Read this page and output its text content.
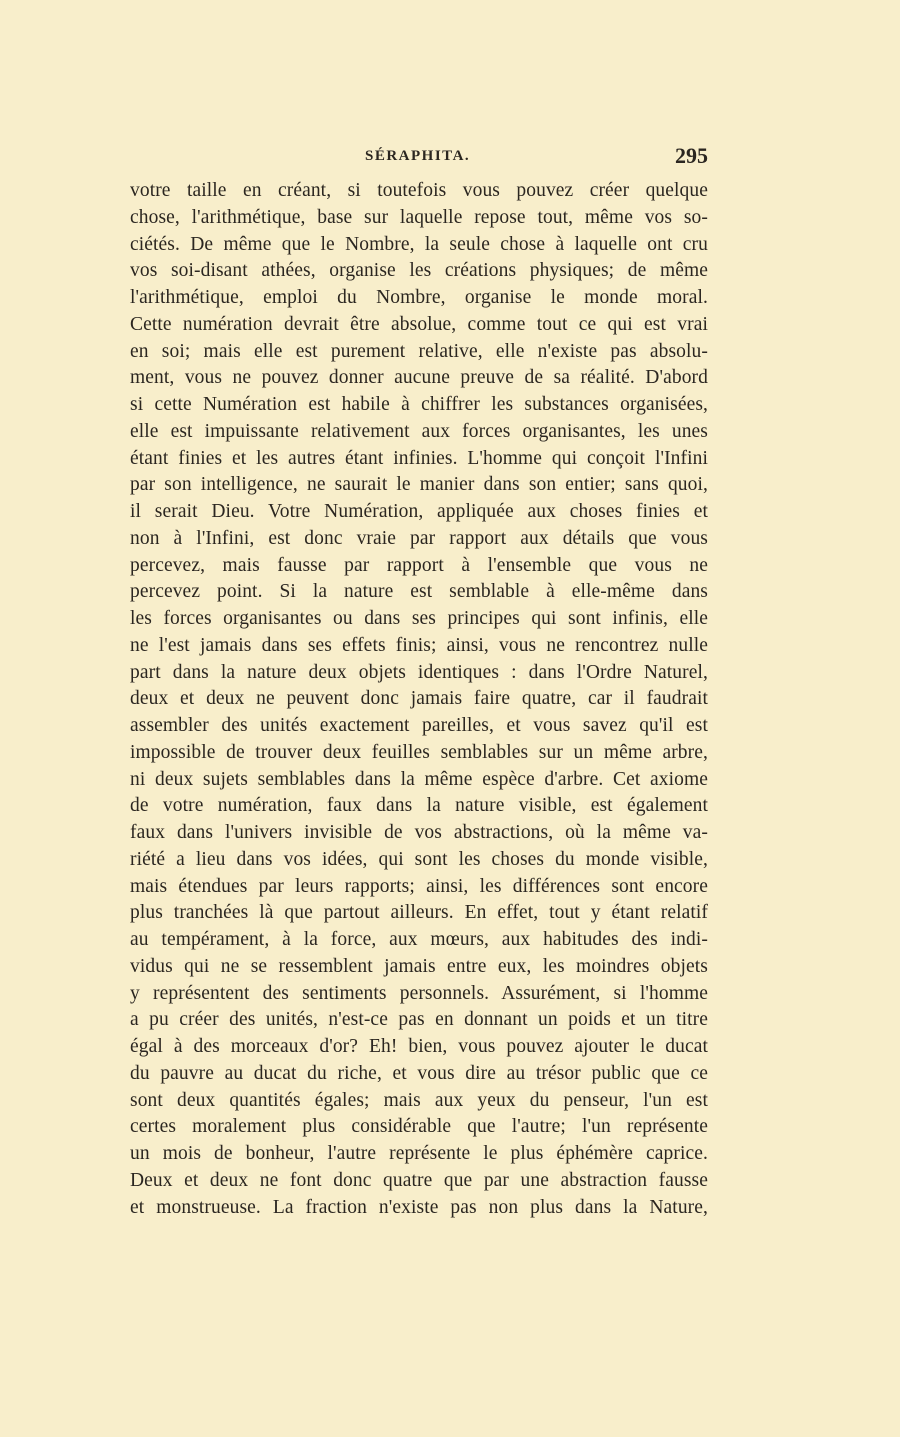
SÉRAPHITA.	295
votre taille en créant, si toutefois vous pouvez créer quelque
chose, l'arithmétique, base sur laquelle repose tout, même vos so-
ciétés. De même que le Nombre, la seule chose à laquelle ont cru
vos soi-disant athées, organise les créations physiques; de même
l'arithmétique, emploi du Nombre, organise le monde moral.
Cette numération devrait être absolue, comme tout ce qui est vrai
en soi; mais elle est purement relative, elle n'existe pas absolu-
ment, vous ne pouvez donner aucune preuve de sa réalité. D'abord
si cette Numération est habile à chiffrer les substances organisées,
elle est impuissante relativement aux forces organisantes, les unes
étant finies et les autres étant infinies. L'homme qui conçoit l'Infini
par son intelligence, ne saurait le manier dans son entier; sans quoi,
il serait Dieu. Votre Numération, appliquée aux choses finies et
non à l'Infini, est donc vraie par rapport aux détails que vous
percevez, mais fausse par rapport à l'ensemble que vous ne
percevez point. Si la nature est semblable à elle-même dans
les forces organisantes ou dans ses principes qui sont infinis, elle
ne l'est jamais dans ses effets finis; ainsi, vous ne rencontrez nulle
part dans la nature deux objets identiques : dans l'Ordre Naturel,
deux et deux ne peuvent donc jamais faire quatre, car il faudrait
assembler des unités exactement pareilles, et vous savez qu'il est
impossible de trouver deux feuilles semblables sur un même arbre,
ni deux sujets semblables dans la même espèce d'arbre. Cet axiome
de votre numération, faux dans la nature visible, est également
faux dans l'univers invisible de vos abstractions, où la même va-
riété a lieu dans vos idées, qui sont les choses du monde visible,
mais étendues par leurs rapports; ainsi, les différences sont encore
plus tranchées là que partout ailleurs. En effet, tout y étant relatif
au tempérament, à la force, aux mœurs, aux habitudes des indi-
vidus qui ne se ressemblent jamais entre eux, les moindres objets
y représentent des sentiments personnels. Assurément, si l'homme
a pu créer des unités, n'est-ce pas en donnant un poids et un titre
égal à des morceaux d'or? Eh! bien, vous pouvez ajouter le ducat
du pauvre au ducat du riche, et vous dire au trésor public que ce
sont deux quantités égales; mais aux yeux du penseur, l'un est
certes moralement plus considérable que l'autre; l'un représente
un mois de bonheur, l'autre représente le plus éphémère caprice.
Deux et deux ne font donc quatre que par une abstraction fausse
et monstrueuse. La fraction n'existe pas non plus dans la Nature,
